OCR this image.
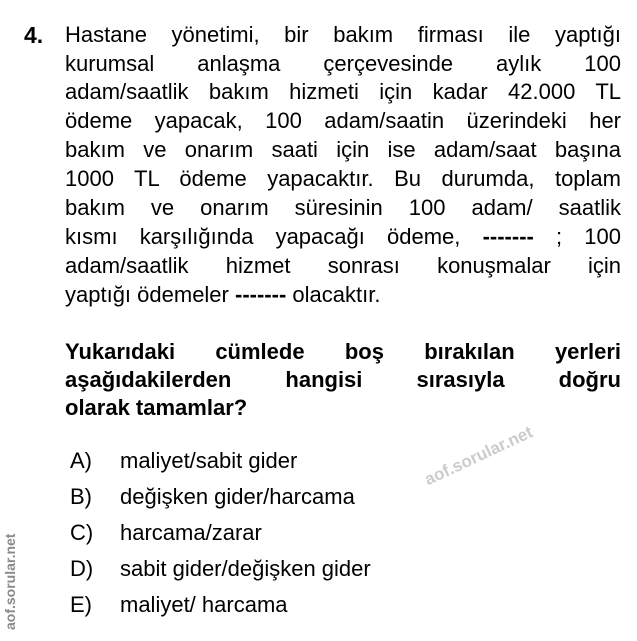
4. Hastane yönetimi, bir bakım firması ile yaptığı
kurumsal anlaşma çerçevesinde aylık 100
adam/saatlik bakım hizmeti için kadar 42.000 TL
ödeme yapacak, 100 adam/saatin üzerindeki her
bakım ve onarım saati için ise adam/saat başına
1000 TL ödeme yapacaktır. Bu durumda, toplam
bakım ve onarım süresinin 100 adam/ saatlik
kısmı karşılığında yapacağı ödeme, ------- ; 100
adam/saatlik hizmet sonrası konuşmalar için
yaptığı ödemeler ------- olacaktır.
Yukarıdaki cümlede boş bırakılan yerleri
aşağıdakilerden hangisi sırasıyla doğru
olarak tamamlar?
A) maliyet/sabit gider
B) değişken gider/harcama
C) harcama/zarar
D) sabit gider/değişken gider
E) maliyet/ harcama
aof.sorular.net
aof.sorular.net
